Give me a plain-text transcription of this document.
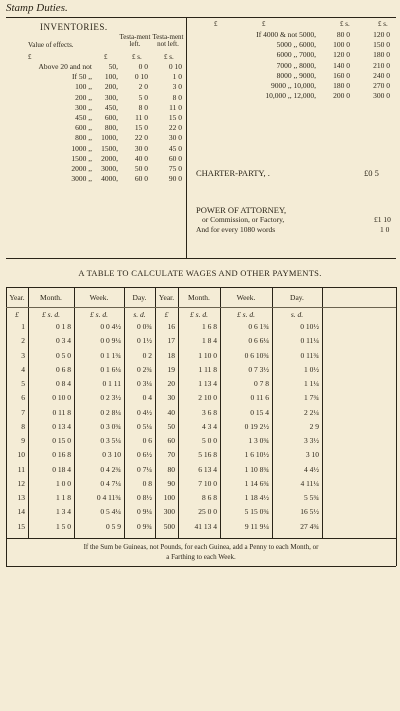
Stamp Duties.
INVENTORIES.
Value of effects.
Testa-ment left.
Testa-ment not left.
£	£	£ s.	£ s.
Above 20 and not	50,	0 0	0 10
If 50 ,,	100,	0 10	1 0
100 ,,	200,	2 0	3 0
200 ,,	300,	5 0	8 0
300 ,,	450,	8 0	11 0
450 ,,	600,	11 0	15 0
600 ,,	800,	15 0	22 0
800 ,,	1000,	22 0	30 0
1000 ,,	1500,	30 0	45 0
1500 ,,	2000,	40 0	60 0
2000 ,,	3000,	50 0	75 0
3000 ,,	4000,	60 0	90 0
£	£	£ s.	£ s.
If 4000 & not 5000,	80 0	120 0
5000 ,, 6000,	100 0	150 0
6000 ,, 7000,	120 0	180 0
7000 ,, 8000,	140 0	210 0
8000 ,, 9000,	160 0	240 0
9000 ,, 10,000,	180 0	270 0
10,000 ,, 12,000,	200 0	300 0
CHARTER-PARTY, .	£0 5
POWER OF ATTORNEY,
or Commission, or Factory,	£1 10
And for every 1080 words	1 0
A TABLE TO CALCULATE WAGES AND OTHER PAYMENTS.
Year.	Month.	Week.	Day.	Year.	Month.	Week.	Day.
£	£ s. d.	£ s. d.	s. d.	£	£ s. d.	£ s. d.	s. d.
1	0 1 8	0 0 4½	0 0¾	16	1 6 8	0 6 1¾	0 10½
2	0 3 4	0 0 9¼	0 1½	17	1 8 4	0 6 6¼	0 11¼
3	0 5 0	0 1 1¾	0 2	18	1 10 0	0 6 10¾	0 11¾
4	0 6 8	0 1 6¼	0 2¾	19	1 11 8	0 7 3½	1 0½
5	0 8 4	0 1 11	0 3¼	20	1 13 4	0 7 8	1 1¼
6	0 10 0	0 2 3½	0 4	30	2 10 0	0 11 6	1 7¾
7	0 11 8	0 2 8¼	0 4½	40	3 6 8	0 15 4	2 2¼
8	0 13 4	0 3 0¾	0 5¼	50	4 3 4	0 19 2½	2 9
9	0 15 0	0 3 5¼	0 6	60	5 0 0	1 3 0¾	3 3½
10	0 16 8	0 3 10	0 6½	70	5 16 8	1 6 10½	3 10
11	0 18 4	0 4 2¾	0 7¼	80	6 13 4	1 10 8¾	4 4½
12	1 0 0	0 4 7¼	0 8	90	7 10 0	1 14 6¾	4 11¼
13	1 1 8	0 4 11¾	0 8½	100	8 6 8	1 18 4½	5 5¾
14	1 3 4	0 5 4¼	0 9¼	300	25 0 0	5 15 0¾	16 5½
15	1 5 0	0 5 9	0 9¾	500	41 13 4	9 11 9¼	27 4¾
If the Sum be Guineas, not Pounds, for each Guinea, add a Penny to each Month, or
a Farthing to each Week.
